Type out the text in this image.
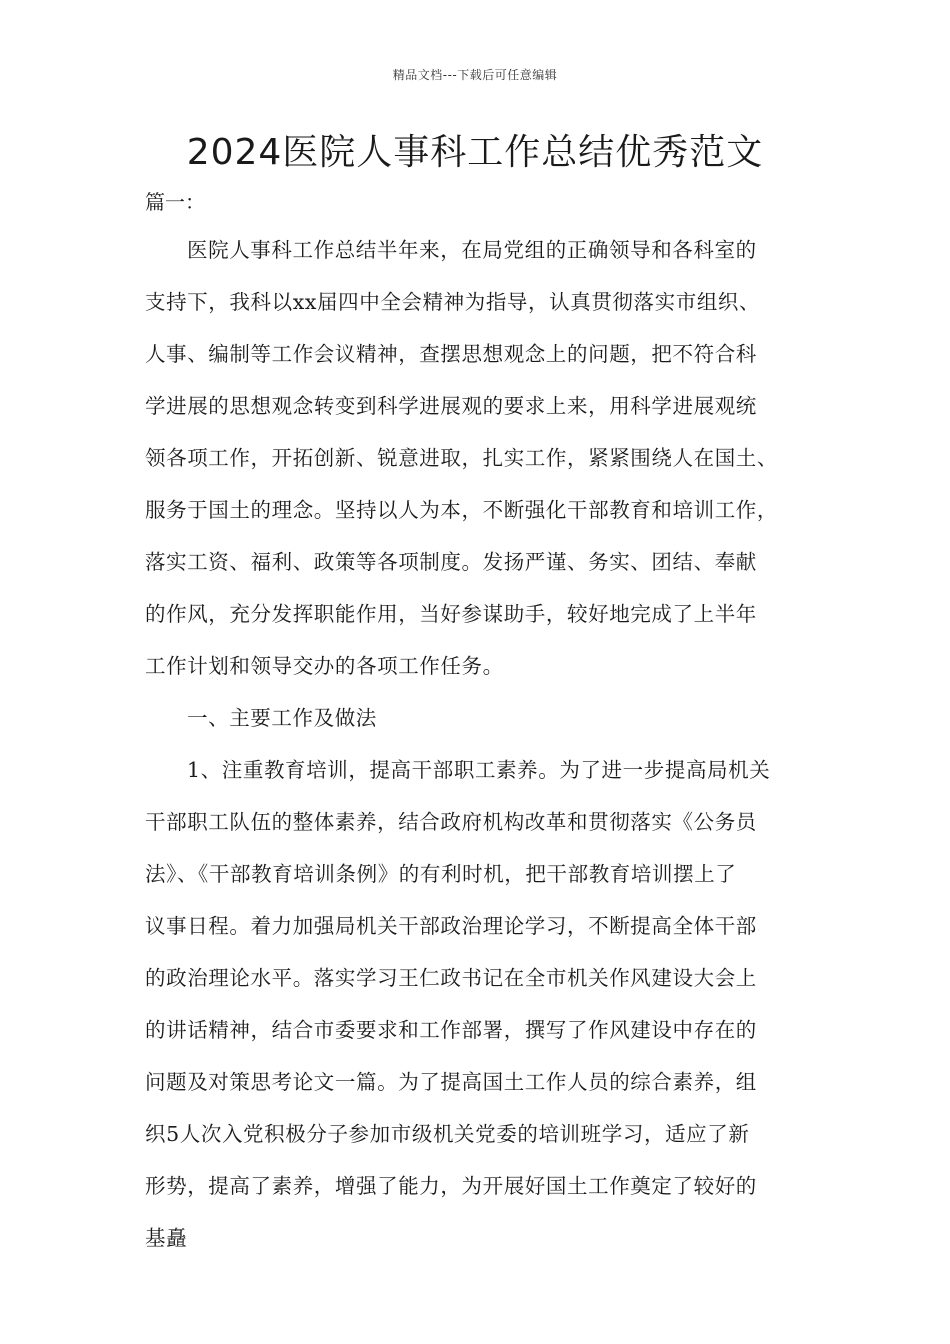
精品文档---下载后可任意编辑
2024医院人事科工作总结优秀范文
篇一：
医院人事科工作总结半年来，在局党组的正确领导和各科室的
支持下，我科以xx届四中全会精神为指导，认真贯彻落实市组织、
人事、编制等工作会议精神，查摆思想观念上的问题，把不符合科
学进展的思想观念转变到科学进展观的要求上来，用科学进展观统
领各项工作，开拓创新、锐意进取，扎实工作，紧紧围绕人在国土、
服务于国土的理念。坚持以人为本，不断强化干部教育和培训工作，
落实工资、福利、政策等各项制度。发扬严谨、务实、团结、奉献
的作风，充分发挥职能作用，当好参谋助手，较好地完成了上半年
工作计划和领导交办的各项工作任务。
一、主要工作及做法
1、注重教育培训，提高干部职工素养。为了进一步提高局机关
干部职工队伍的整体素养，结合政府机构改革和贯彻落实《公务员
法》、《干部教育培训条例》的有利时机，把干部教育培训摆上了
议事日程。着力加强局机关干部政治理论学习，不断提高全体干部
的政治理论水平。落实学习王仁政书记在全市机关作风建设大会上
的讲话精神，结合市委要求和工作部署，撰写了作风建设中存在的
问题及对策思考论文一篇。为了提高国土工作人员的综合素养，组
织5人次入党积极分子参加市级机关党委的培训班学习，适应了新
形势，提高了素养，增强了能力，为开展好国土工作奠定了较好的
基矗
